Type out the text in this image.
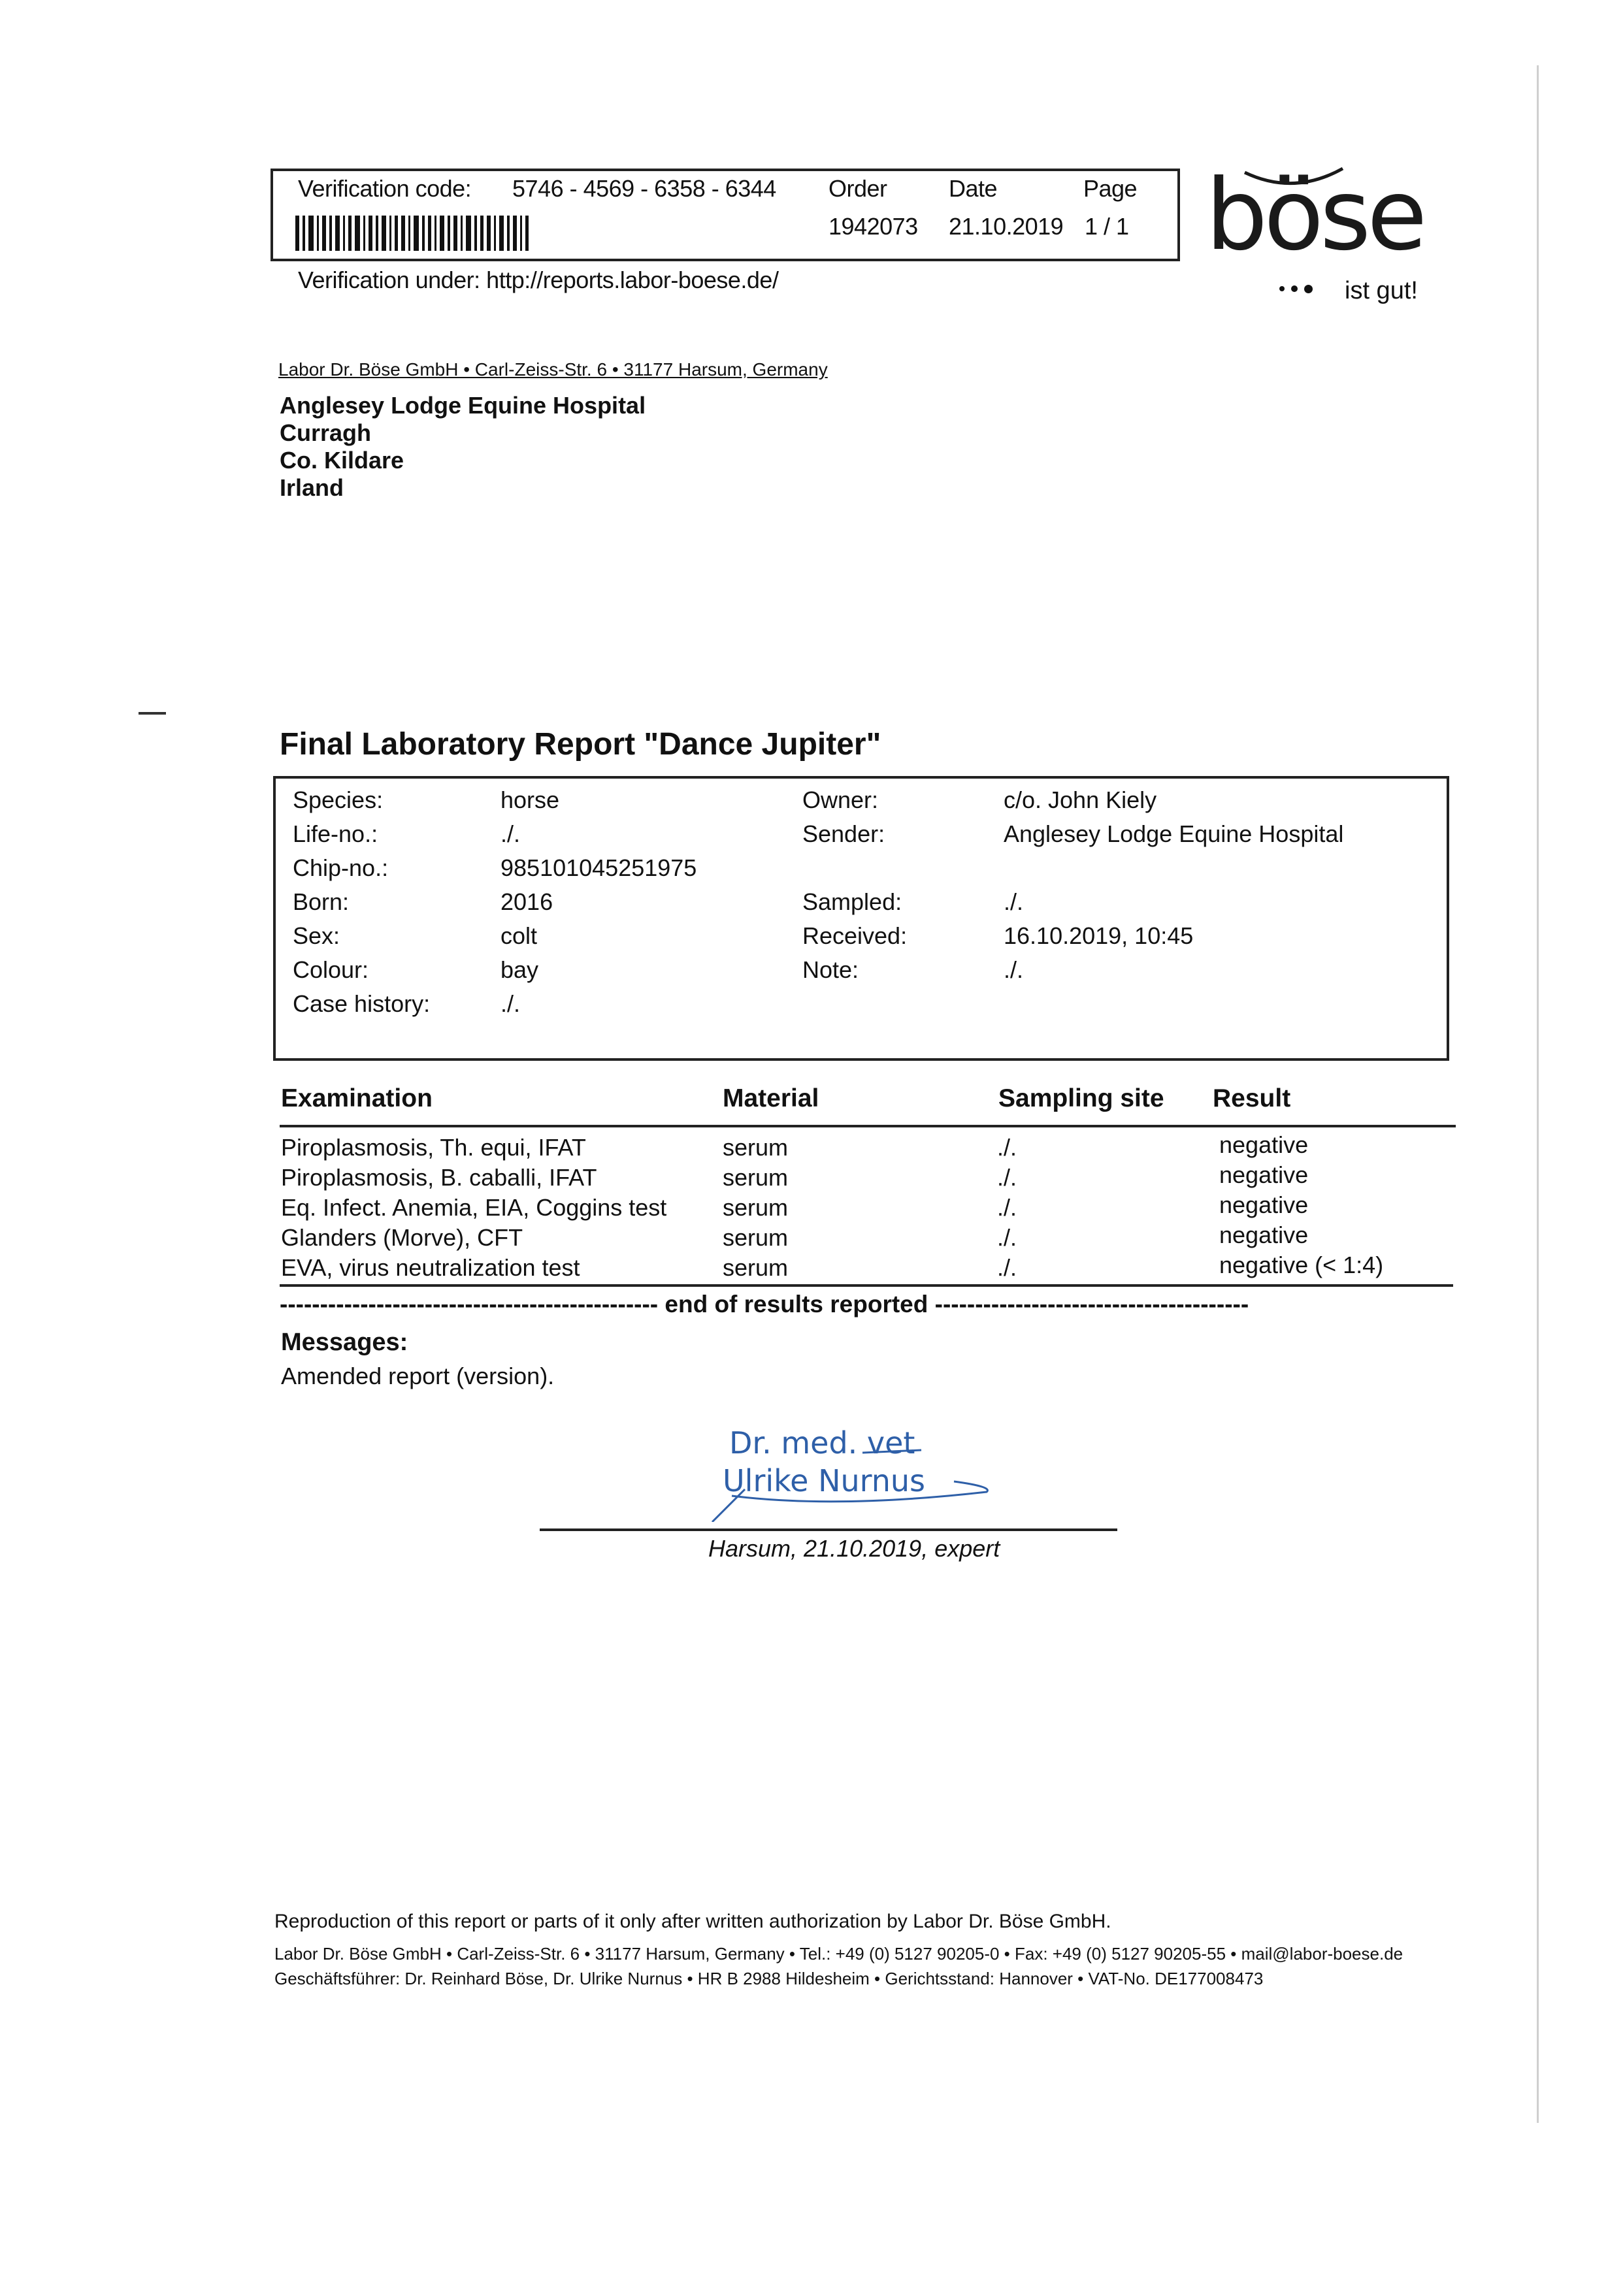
Verification code: 5746 - 4569 - 6358 - 6344 Order
1942073
Date
21.10.2019
Page
1 / 1
Verification under: http://reports.labor-boese.de/
böse
ist gut!
Labor Dr. Böse GmbH • Carl-Zeiss-Str. 6 • 31177 Harsum, Germany
Anglesey Lodge Equine Hospital
Curragh
Co. Kildare
Irland
Final Laboratory Report "Dance Jupiter"
Species:	horse
Life-no.:	./.
Chip-no.:	985101045251975
Born:	2016
Sex:	colt
Colour:	bay
Case history:	./.
Owner:	c/o. John Kiely
Sender:	Anglesey Lodge Equine Hospital
Sampled:	./.
Received:	16.10.2019, 10:45
Note:	./.
Examination	Material	Sampling site Result
Piroplasmosis, Th. equi, IFAT	serum	./.	negative
Piroplasmosis, B. caballi, IFAT	serum	./.	negative
Eq. Infect. Anemia, EIA, Coggins test serum	./.	negative
Glanders (Morve), CFT	serum	./.	negative
EVA, virus neutralization test	serum	./.	negative (< 1:4)
----------------------------------------------- end of results reported ---------------------------------------
Messages:
Amended report (version).
Dr. med. vet
Ulrike Nurnus
Harsum, 21.10.2019, expert
Reproduction of this report or parts of it only after written authorization by Labor Dr. Böse GmbH.
Labor Dr. Böse GmbH • Carl-Zeiss-Str. 6 • 31177 Harsum, Germany • Tel.: +49 (0) 5127 90205-0 • Fax: +49 (0) 5127 90205-55 • mail@labor-boese.de
Geschäftsführer: Dr. Reinhard Böse, Dr. Ulrike Nurnus • HR B 2988 Hildesheim • Gerichtsstand: Hannover • VAT-No. DE177008473
